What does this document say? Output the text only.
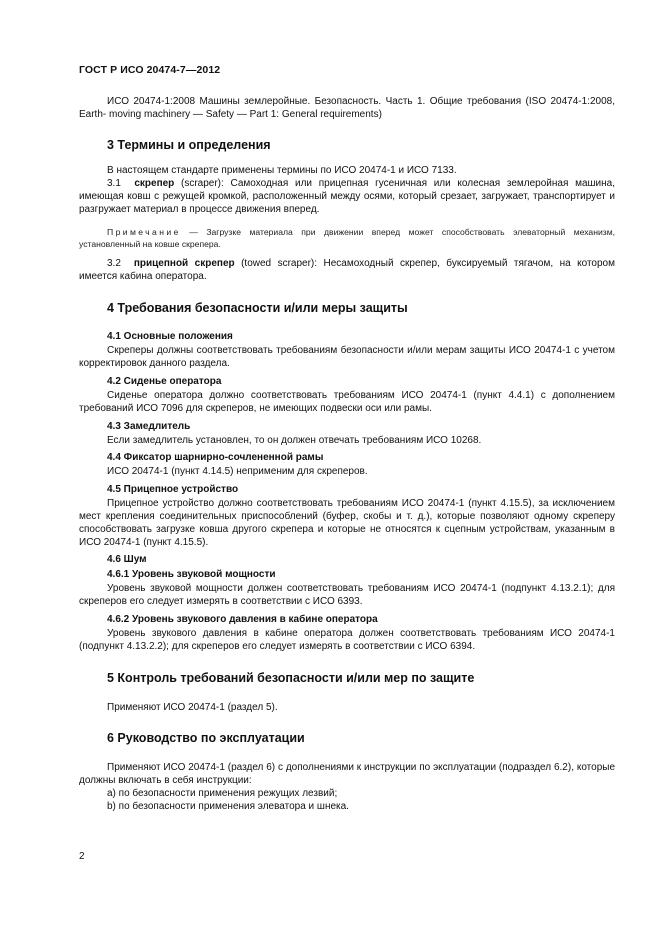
ГОСТ Р ИСО 20474-7—2012

ИСО 20474-1:2008 Машины землеройные. Безопасность. Часть 1. Общие требования (ISO 20474-1:2008, Earth- moving machinery — Safety — Part 1: General requirements)

3 Термины и определения

В настоящем стандарте применены термины по ИСО 20474-1 и ИСО 7133.

3.1 скрепер (scraper): Самоходная или прицепная гусеничная или колесная землеройная машина, имеющая ковш с режущей кромкой, расположенный между осями, который срезает, загружает, транспортирует и разгружает материал в процессе движения вперед.

Примечание — Загрузке материала при движении вперед может способствовать элеваторный механизм, установленный на ковше скрепера.

3.2 прицепной скрепер (towed scraper): Несамоходный скрепер, буксируемый тягачом, на котором имеется кабина оператора.

4 Требования безопасности и/или меры защиты
4.1 Основные положения

Скреперы должны соответствовать требованиям безопасности и/или мерам защиты ИСО 20474-1 с учетом корректировок данного раздела.

4.2 Сиденье оператора

Сиденье оператора должно соответствовать требованиям ИСО 20474-1 (пункт 4.4.1) с дополнением требований ИСО 7096 для скреперов, не имеющих подвески оси или рамы.

4.3 Замедлитель

Если замедлитель установлен, то он должен отвечать требованиям ИСО 10268.

4.4 Фиксатор шарнирно-сочлененной рамы

ИСО 20474-1 (пункт 4.14.5) неприменим для скреперов.

4.5 Прицепное устройство

Прицепное устройство должно соответствовать требованиям ИСО 20474-1 (пункт 4.15.5), за исключением мест крепления соединительных приспособлений (буфер, скобы и т. д.), которые позволяют одному скреперу способствовать загрузке ковша другого скрепера и которые не относятся к сцепным устройствам, указанным в ИСО 20474-1 (пункт 4.15.5).

4.6 Шум
4.6.1 Уровень звуковой мощности

Уровень звуковой мощности должен соответствовать требованиям ИСО 20474-1 (подпункт 4.13.2.1); для скреперов его следует измерять в соответствии с ИСО 6393.

4.6.2 Уровень звукового давления в кабине оператора

Уровень звукового давления в кабине оператора должен соответствовать требованиям ИСО 20474-1 (подпункт 4.13.2.2); для скреперов его следует измерять в соответствии с ИСО 6394.

5 Контроль требований безопасности и/или мер по защите

Применяют ИСО 20474-1 (раздел 5).

6 Руководство по эксплуатации

Применяют ИСО 20474-1 (раздел 6) с дополнениями к инструкции по эксплуатации (подраздел 6.2), которые должны включать в себя инструкции:

a) по безопасности применения режущих лезвий;

b) по безопасности применения элеватора и шнека.

2
